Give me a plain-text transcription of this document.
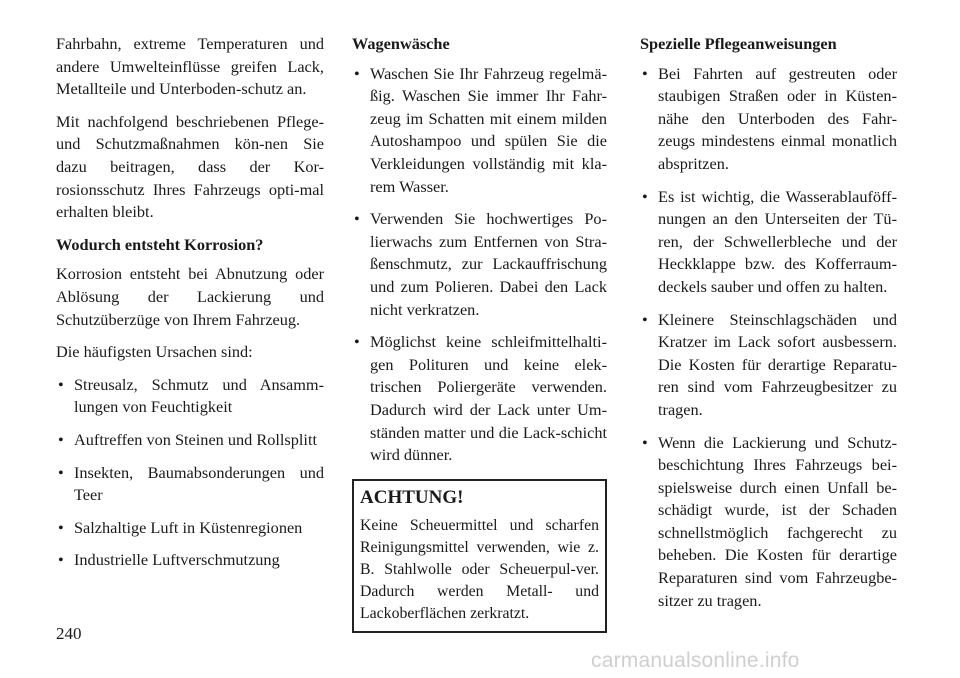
Fahrbahn, extreme Temperaturen und andere Umwelteinflüsse greifen Lack, Metallteile und Unterboden-schutz an.

Mit nachfolgend beschriebenen Pflege- und Schutzmaßnahmen kön-nen Sie dazu beitragen, dass der Kor-rosionsschutz Ihres Fahrzeugs opti-mal erhalten bleibt.

Wodurch entsteht Korrosion?

Korrosion entsteht bei Abnutzung oder Ablösung der Lackierung und Schutzüberzüge von Ihrem Fahrzeug.

Die häufigsten Ursachen sind:

• Streusalz, Schmutz und Ansamm-lungen von Feuchtigkeit
• Auftreffen von Steinen und Rollsplitt
• Insekten, Baumabsonderungen und Teer
• Salzhaltige Luft in Küstenregionen
• Industrielle Luftverschmutzung
Wagenwäsche
• Waschen Sie Ihr Fahrzeug regelmä-ßig. Waschen Sie immer Ihr Fahr-zeug im Schatten mit einem milden Autoshampoo und spülen Sie die Verkleidungen vollständig mit kla-rem Wasser.
• Verwenden Sie hochwertiges Po-lierwachs zum Entfernen von Stra-ßenschmutz, zur Lackauffrischung und zum Polieren. Dabei den Lack nicht verkratzen.
• Möglichst keine schleifmittelhalti-gen Polituren und keine elek-trischen Poliergeräte verwenden. Dadurch wird der Lack unter Um-ständen matter und die Lack-schicht wird dünner.
ACHTUNG!
Keine Scheuermittel und scharfen Reinigungsmittel verwenden, wie z. B. Stahlwolle oder Scheuerpul-ver. Dadurch werden Metall- und Lackoberflächen zerkratzt.
Spezielle Pflegeanweisungen
• Bei Fahrten auf gestreuten oder staubigen Straßen oder in Küsten-nähe den Unterboden des Fahr-zeugs mindestens einmal monatlich abspritzen.
• Es ist wichtig, die Wasserablauföff-nungen an den Unterseiten der Tü-ren, der Schwellerbleche und der Heckklappe bzw. des Kofferraum-deckels sauber und offen zu halten.
• Kleinere Steinschlagschäden und Kratzer im Lack sofort ausbessern. Die Kosten für derartige Reparatu-ren sind vom Fahrzeugbesitzer zu tragen.
• Wenn die Lackierung und Schutz-beschichtung Ihres Fahrzeugs bei-spielsweise durch einen Unfall be-schädigt wurde, ist der Schaden schnellstmöglich fachgerecht zu beheben. Die Kosten für derartige Reparaturen sind vom Fahrzeugbe-sitzer zu tragen.
240
carmanualsonline.info
